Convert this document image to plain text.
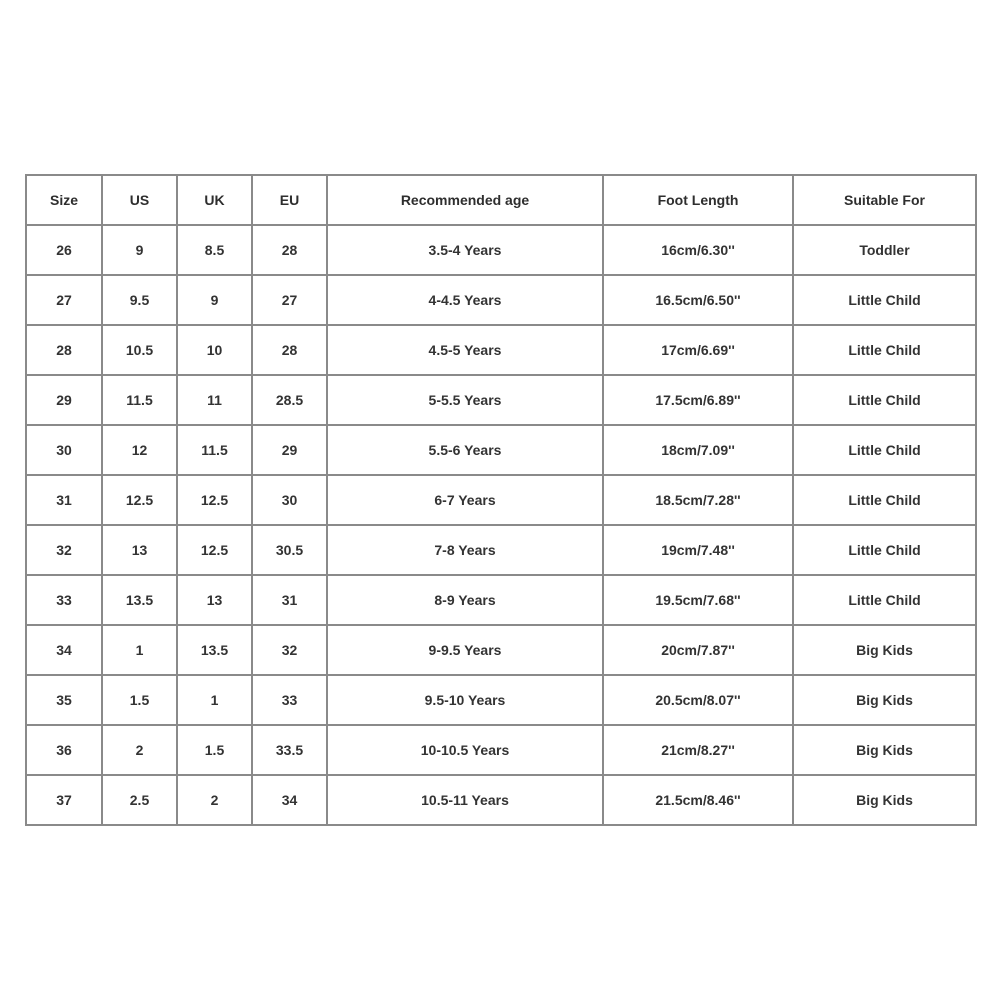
Size	US	UK	EU	Recommended age	Foot Length	Suitable For
26	9	8.5	28	3.5-4 Years	16cm/6.30''	Toddler
27	9.5	9	27	4-4.5 Years	16.5cm/6.50''	Little Child
28	10.5	10	28	4.5-5 Years	17cm/6.69''	Little Child
29	11.5	11	28.5	5-5.5 Years	17.5cm/6.89''	Little Child
30	12	11.5	29	5.5-6 Years	18cm/7.09''	Little Child
31	12.5	12.5	30	6-7 Years	18.5cm/7.28''	Little Child
32	13	12.5	30.5	7-8 Years	19cm/7.48''	Little Child
33	13.5	13	31	8-9 Years	19.5cm/7.68''	Little Child
34	1	13.5	32	9-9.5 Years	20cm/7.87''	Big Kids
35	1.5	1	33	9.5-10 Years	20.5cm/8.07''	Big Kids
36	2	1.5	33.5	10-10.5 Years	21cm/8.27''	Big Kids
37	2.5	2	34	10.5-11 Years	21.5cm/8.46''	Big Kids
